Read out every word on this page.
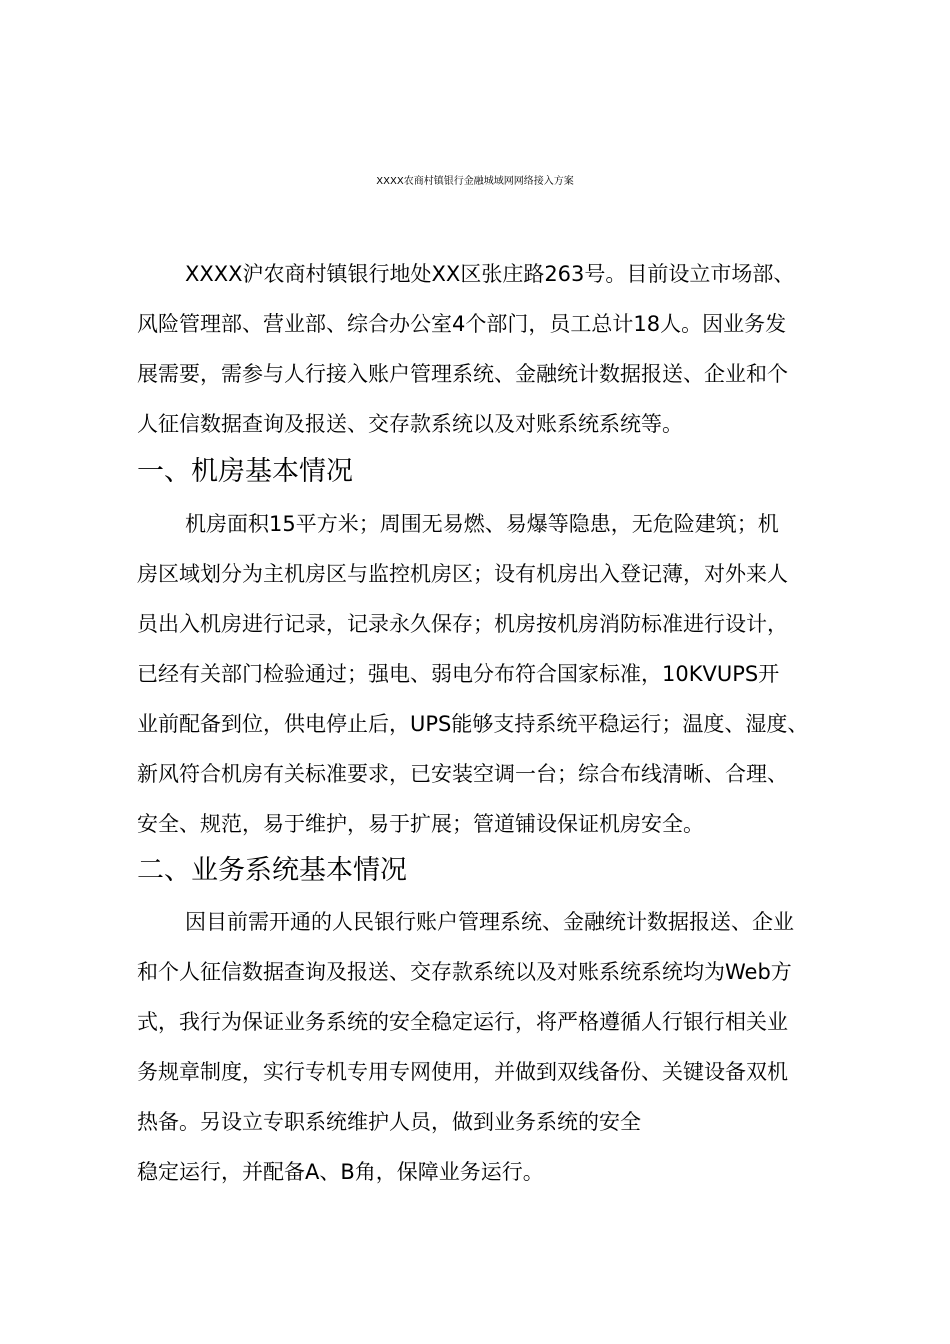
XXXX农商村镇银行金融城域网网络接入方案
XXXX沪农商村镇银行地处XX区张庄路263号。目前设立市场部、
风险管理部、营业部、综合办公室4个部门，员工总计18人。因业务发
展需要，需参与人行接入账户管理系统、金融统计数据报送、企业和个
人征信数据查询及报送、交存款系统以及对账系统系统等。
一、机房基本情况
机房面积15平方米；周围无易燃、易爆等隐患，无危险建筑；机
房区域划分为主机房区与监控机房区；设有机房出入登记薄，对外来人
员出入机房进行记录，记录永久保存；机房按机房消防标准进行设计，
已经有关部门检验通过；强电、弱电分布符合国家标准，10KVUPS开
业前配备到位，供电停止后，UPS能够支持系统平稳运行；温度、湿度、
新风符合机房有关标准要求，已安装空调一台；综合布线清晰、合理、
安全、规范，易于维护，易于扩展；管道铺设保证机房安全。
二、业务系统基本情况
因目前需开通的人民银行账户管理系统、金融统计数据报送、企业
和个人征信数据查询及报送、交存款系统以及对账系统系统均为Web方
式，我行为保证业务系统的安全稳定运行，将严格遵循人行银行相关业
务规章制度，实行专机专用专网使用，并做到双线备份、关键设备双机
热备。另设立专职系统维护人员，做到业务系统的安全
稳定运行，并配备A、B角，保障业务运行。
